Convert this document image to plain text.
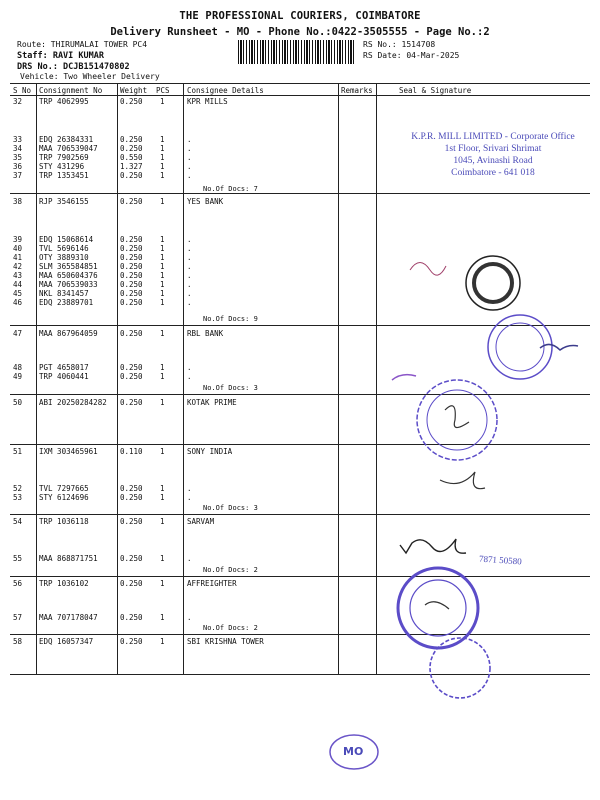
THE PROFESSIONAL COURIERS, COIMBATORE
Delivery Runsheet - MO - Phone No.:0422-3505555 - Page No.:2
Route: THIRUMALAI TOWER PC4
Staff: RAVI KUMAR
DRS No.: DCJB151470802
Vehicle: Two Wheeler Delivery
RS No.: 1514708
RS Date: 04-Mar-2025
S No Consignment No Weight PCS Consignee Details	Remarks	Seal & Signature
32 TRP 4062995	0.250 1	KPR MILLS
33 EDQ 26384331	0.250 1	.
34 MAA 706539047	0.250 1	.
35 TRP 7902569	0.550 1	.
36 STY 431296	1.327 1	.
37 TRP 1353451	0.250 1	.
38 RJP 3546155	0.250 1	YES BANK
39 EDQ 15068614	0.250 1	.
40 TVL 5696146	0.250 1	.
41 OTY 3889310	0.250 1	.
42 SLM 365584851	0.250 1	.
43 MAA 650604376	0.250 1	.
44 MAA 706539033	0.250 1	.
45 NKL 8341457	0.250 1	.
46 EDQ 23889701	0.250 1	.
47 MAA 867964059	0.250 1	RBL BANK
48 PGT 4658017	0.250 1	.
49 TRP 4060441	0.250 1	.
50 ABI 20250284282 0.250 1	KOTAK PRIME
51 IXM 303465961	0.110 1	SONY INDIA
52 TVL 7297665	0.250 1	.
53 STY 6124696	0.250 1	.
54 TRP 1036118	0.250 1	SARVAM
55 MAA 868871751	0.250 1	.
56 TRP 1036102	0.250 1	AFFREIGHTER
57 MAA 707178047	0.250 1	.
58 EDQ 16057347	0.250 1	SBI KRISHNA TOWER
No.Of Docs: 7
No.Of Docs: 9
No.Of Docs: 3
No.Of Docs: 3
No.Of Docs: 2
No.Of Docs: 2
K.P.R. MILL LIMITED - Corporate Office
1st Floor, Srivari Shrimat
1045, Avinashi Road
Coimbatore - 641 018
7871 50580
MO
